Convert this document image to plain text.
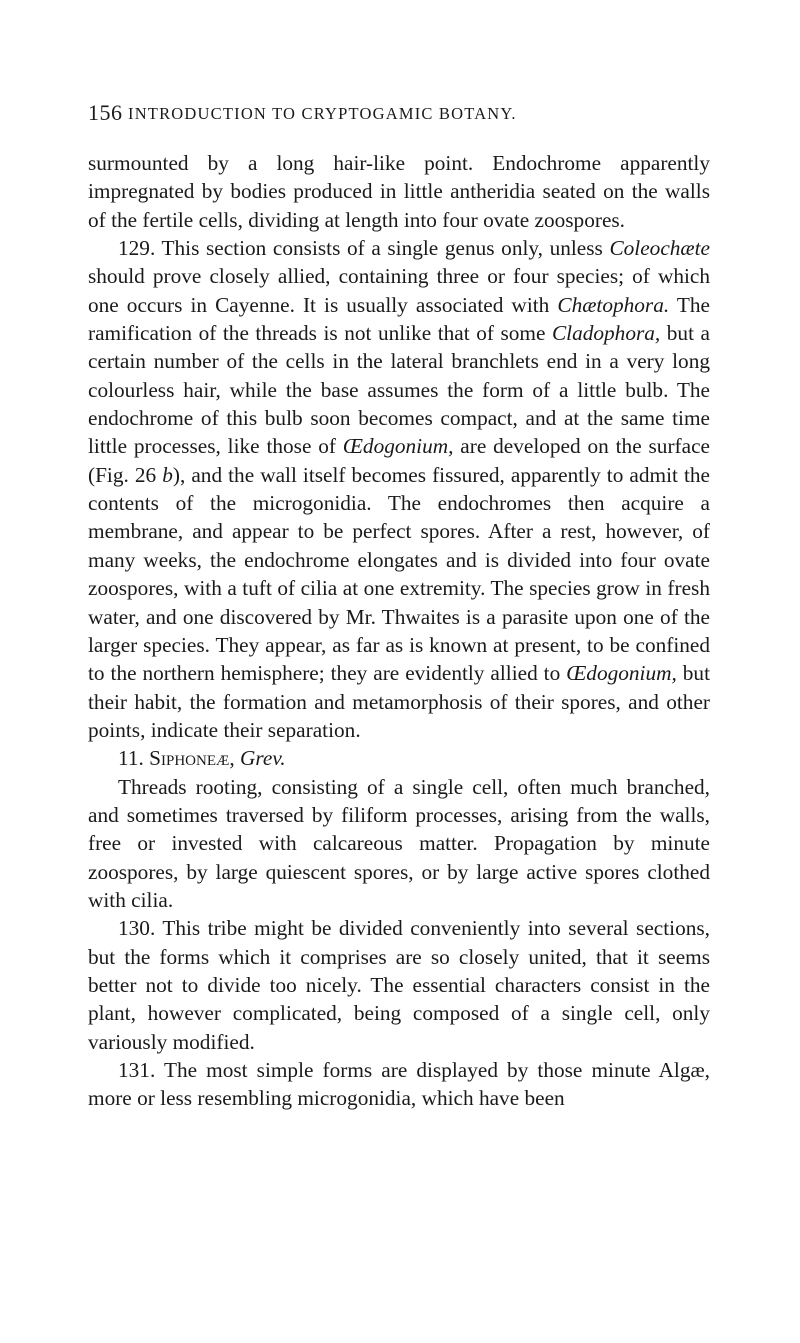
156 INTRODUCTION TO CRYPTOGAMIC BOTANY.

surmounted by a long hair-like point. Endochrome apparently impregnated by bodies produced in little antheridia seated on the walls of the fertile cells, dividing at length into four ovate zoospores.

129. This section consists of a single genus only, unless Coleochæte should prove closely allied, containing three or four species; of which one occurs in Cayenne. It is usually associated with Chætophora. The ramification of the threads is not unlike that of some Cladophora, but a certain number of the cells in the lateral branchlets end in a very long colourless hair, while the base assumes the form of a little bulb. The endochrome of this bulb soon becomes compact, and at the same time little processes, like those of Œdogonium, are developed on the surface (Fig. 26 b), and the wall itself becomes fissured, apparently to admit the contents of the microgonidia. The endochromes then acquire a membrane, and appear to be perfect spores. After a rest, however, of many weeks, the endochrome elongates and is divided into four ovate zoospores, with a tuft of cilia at one extremity. The species grow in fresh water, and one discovered by Mr. Thwaites is a parasite upon one of the larger species. They appear, as far as is known at present, to be confined to the northern hemisphere; they are evidently allied to Œdogonium, but their habit, the formation and metamorphosis of their spores, and other points, indicate their separation.

11. Siphoneæ, Grev.

Threads rooting, consisting of a single cell, often much branched, and sometimes traversed by filiform processes, arising from the walls, free or invested with calcareous matter. Propagation by minute zoospores, by large quiescent spores, or by large active spores clothed with cilia.

130. This tribe might be divided conveniently into several sections, but the forms which it comprises are so closely united, that it seems better not to divide too nicely. The essential characters consist in the plant, however complicated, being composed of a single cell, only variously modified.

131. The most simple forms are displayed by those minute Algæ, more or less resembling microgonidia, which have been
